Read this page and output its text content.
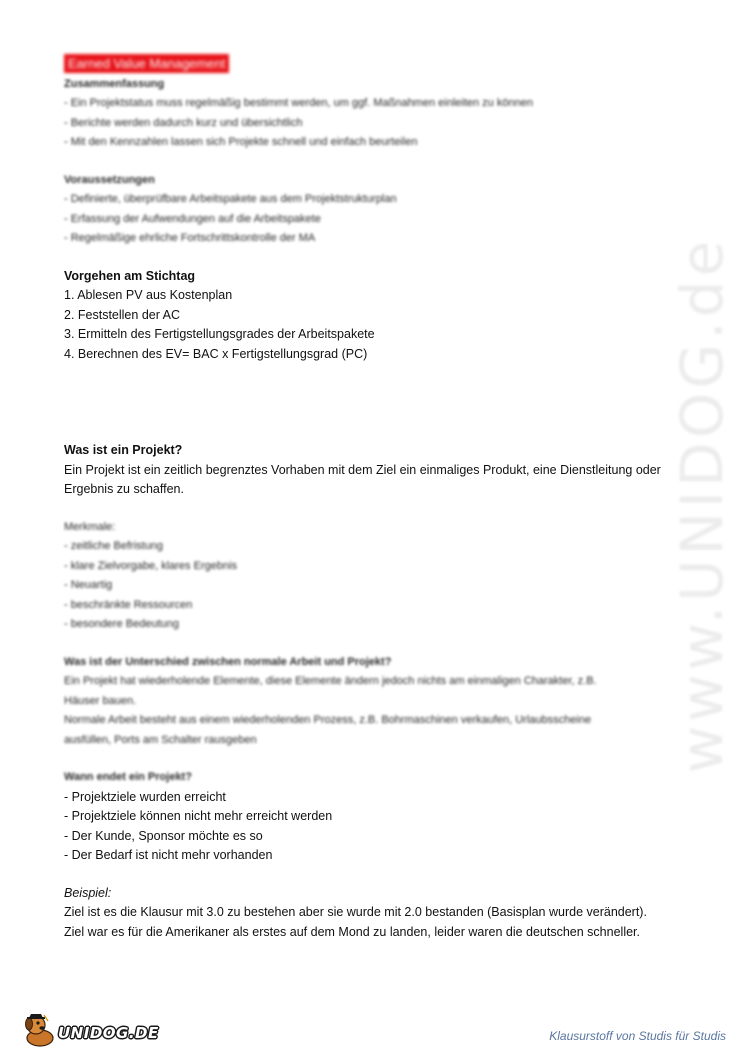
www.UNIDOG.de
Earned Value Management
Zusammenfassung
- Ein Projektstatus muss regelmäßig bestimmt werden, um ggf. Maßnahmen einleiten zu können
- Berichte werden dadurch kurz und übersichtlich
- Mit den Kennzahlen lassen sich Projekte schnell und einfach beurteilen
Voraussetzungen
- Definierte, überprüfbare Arbeitspakete aus dem Projektstrukturplan
- Erfassung der Aufwendungen auf die Arbeitspakete
- Regelmäßige ehrliche Fortschrittskontrolle der MA
Vorgehen am Stichtag
1. Ablesen PV aus Kostenplan
2. Feststellen der AC
3. Ermitteln des Fertigstellungsgrades der Arbeitspakete
4. Berechnen des EV= BAC x Fertigstellungsgrad (PC)
Was ist ein Projekt?
Ein Projekt ist ein zeitlich begrenztes Vorhaben mit dem Ziel ein einmaliges Produkt, eine Dienstleitung oder Ergebnis zu schaffen.
Merkmale:
- zeitliche Befristung
- klare Zielvorgabe, klares Ergebnis
- Neuartig
- beschränkte Ressourcen
- besondere Bedeutung
Was ist der Unterschied zwischen normale Arbeit und Projekt?
Ein Projekt hat wiederholende Elemente, diese Elemente ändern jedoch nichts am einmaligen Charakter, z.B.
Häuser bauen.
Normale Arbeit besteht aus einem wiederholenden Prozess, z.B. Bohrmaschinen verkaufen, Urlaubsscheine
ausfüllen, Ports am Schalter rausgeben
Wann endet ein Projekt?
- Projektziele wurden erreicht
- Projektziele können nicht mehr erreicht werden
- Der Kunde, Sponsor möchte es so
- Der Bedarf ist nicht mehr vorhanden
Beispiel:
Ziel ist es die Klausur mit 3.0 zu bestehen aber sie wurde mit 2.0 bestanden (Basisplan wurde verändert).
Ziel war es für die Amerikaner als erstes auf dem Mond zu landen, leider waren die deutschen schneller.
UNIDOG.DE	Klausurstoff von Studis für Studis
